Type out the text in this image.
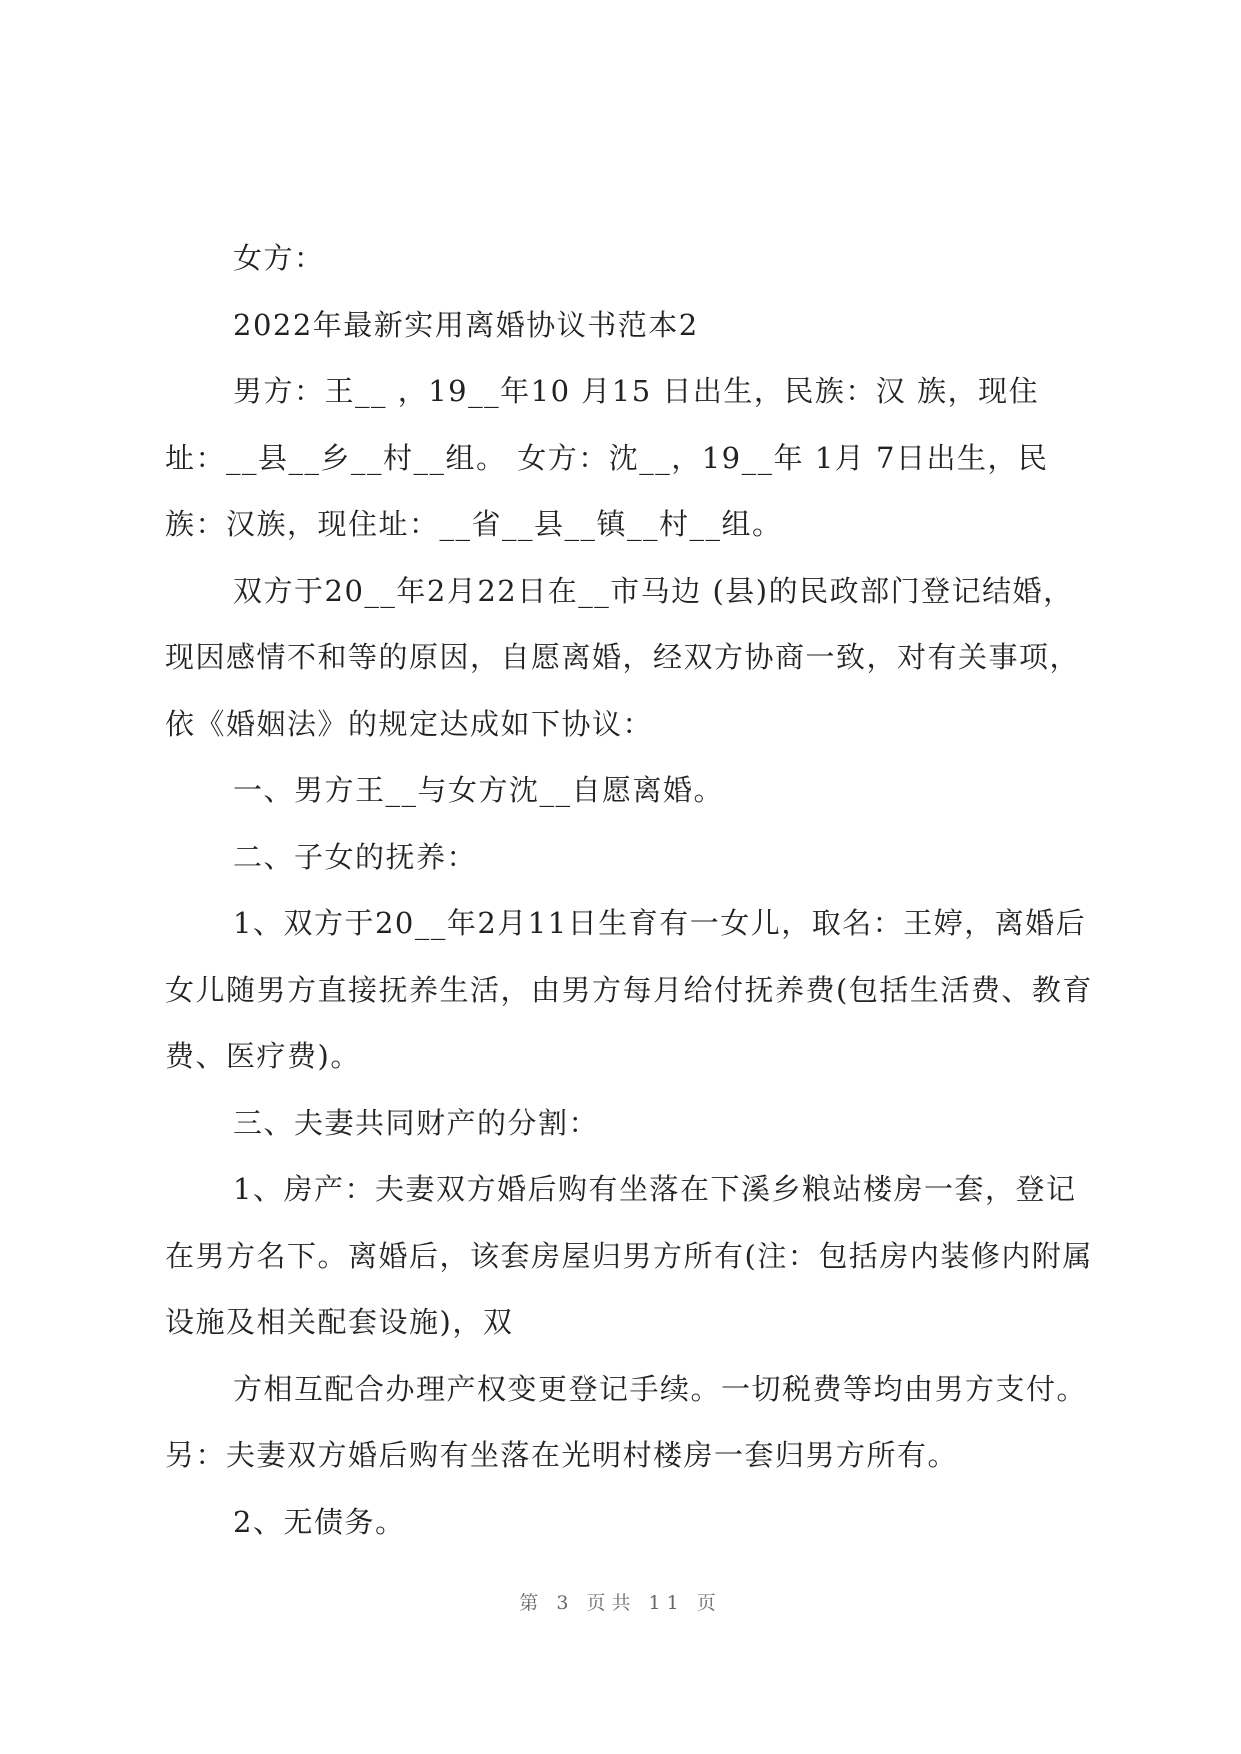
女方：

2022年最新实用离婚协议书范本2

男方：王__ ，19__年10 月15 日出生，民族：汉 族，现住址：__县__乡__村__组。 女方：沈__，19__年 1月 7日出生，民族：汉族，现住址：__省__县__镇__村__组。

双方于20__年2月22日在__市马边 (县)的民政部门登记结婚，现因感情不和等的原因，自愿离婚，经双方协商一致，对有关事项，依《婚姻法》的规定达成如下协议：

一、男方王__与女方沈__自愿离婚。

二、子女的抚养：

1、双方于20__年2月11日生育有一女儿，取名：王婷，离婚后女儿随男方直接抚养生活，由男方每月给付抚养费(包括生活费、教育费、医疗费)。

三、夫妻共同财产的分割：

1、房产：夫妻双方婚后购有坐落在下溪乡粮站楼房一套，登记在男方名下。离婚后，该套房屋归男方所有(注：包括房内装修内附属设施及相关配套设施)，双

方相互配合办理产权变更登记手续。一切税费等均由男方支付。另：夫妻双方婚后购有坐落在光明村楼房一套归男方所有。

2、无债务。

第 3 页共 11 页
